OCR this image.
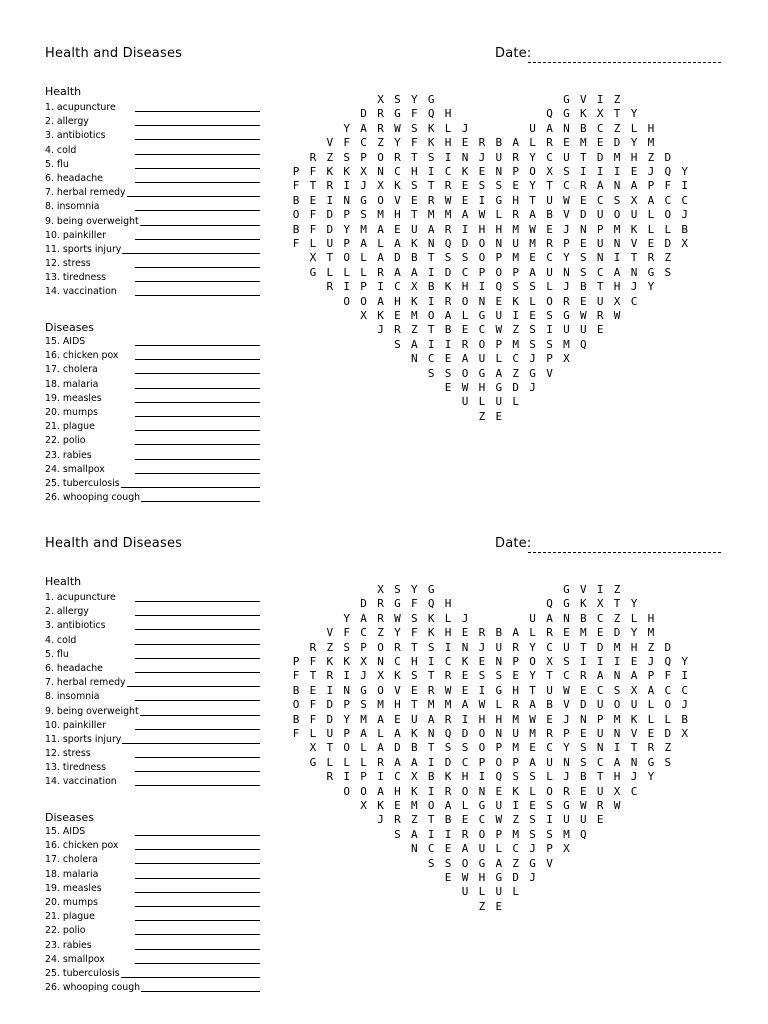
Health and Diseases	Date:
Health
1. acupuncture
2. allergy
3. antibiotics
4. cold
5. flu
6. headache
7. herbal remedy
8. insomnia
9. being overweight
10. painkiller
11. sports injury
12. stress
13. tiredness
14. vaccination
Diseases
15. AIDS
16. chicken pox
17. cholera
18. malaria
19. measles
20. mumps
21. plague
22. polio
23. rabies
24. smallpox
25. tuberculosis
26. whooping cough
X S Y G	G V I Z
D R G F Q H	Q G K X T Y
Y A R W S K L J	U A N B C Z L H
V F C Z Y F K H E R B A L R E M E D Y M
R Z S P O R T S I N J U R Y C U T D M H Z D
P F K K X N C H I C K E N P O X S I I I E J Q Y
F T R I J X K S T R E S S E Y T C R A N A P F I
B E I N G O V E R W E I G H T U W E C S X A C C
O F D P S M H T M M A W L R A B V D U O U L O J
B F D Y M A E U A R I H H M W E J N P M K L L B
F L U P A L A K N Q D O N U M R P E U N V E D X
X T O L A D B T S S O P M E C Y S N I T R Z
G L L L R A A I D C P O P A U N S C A N G S
R I P I C X B K H I Q S S L J B T H J Y
O O A H K I R O N E K L O R E U X C
X K E M O A L G U I E S G W R W
J R Z T B E C W Z S I U U E
S A I I R O P M S S M Q
N C E A U L C J P X
S S O G A Z G V
E W H G D J
U L U L
Z E
Health and Diseases	Date:
Health
1. acupuncture
2. allergy
3. antibiotics
4. cold
5. flu
6. headache
7. herbal remedy
8. insomnia
9. being overweight
10. painkiller
11. sports injury
12. stress
13. tiredness
14. vaccination
Diseases
15. AIDS
16. chicken pox
17. cholera
18. malaria
19. measles
20. mumps
21. plague
22. polio
23. rabies
24. smallpox
25. tuberculosis
26. whooping cough
X S Y G	G V I Z
D R G F Q H	Q G K X T Y
Y A R W S K L J	U A N B C Z L H
V F C Z Y F K H E R B A L R E M E D Y M
R Z S P O R T S I N J U R Y C U T D M H Z D
P F K K X N C H I C K E N P O X S I I I E J Q Y
F T R I J X K S T R E S S E Y T C R A N A P F I
B E I N G O V E R W E I G H T U W E C S X A C C
O F D P S M H T M M A W L R A B V D U O U L O J
B F D Y M A E U A R I H H M W E J N P M K L L B
F L U P A L A K N Q D O N U M R P E U N V E D X
X T O L A D B T S S O P M E C Y S N I T R Z
G L L L R A A I D C P O P A U N S C A N G S
R I P I C X B K H I Q S S L J B T H J Y
O O A H K I R O N E K L O R E U X C
X K E M O A L G U I E S G W R W
J R Z T B E C W Z S I U U E
S A I I R O P M S S M Q
N C E A U L C J P X
S S O G A Z G V
E W H G D J
U L U L
Z E
